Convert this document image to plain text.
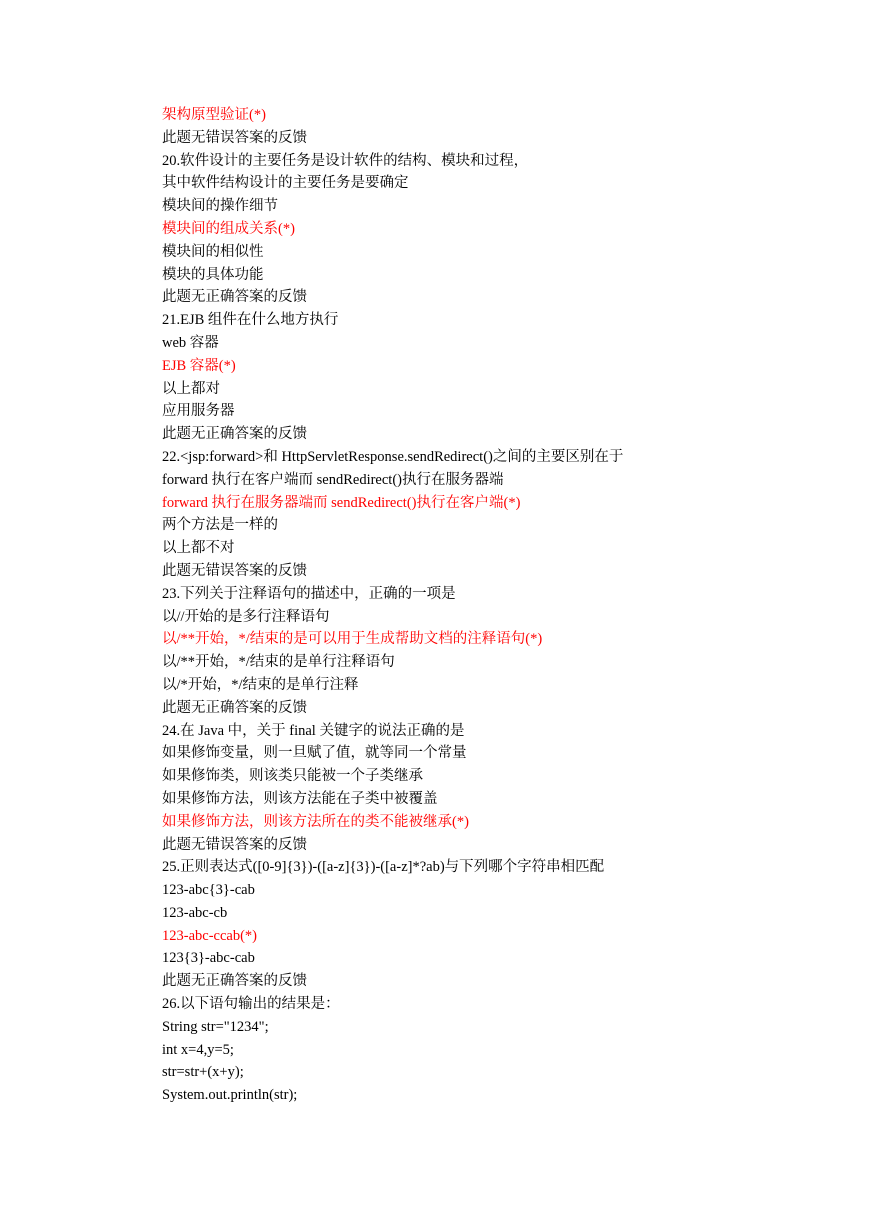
架构原型验证(*)
此题无错误答案的反馈
20.软件设计的主要任务是设计软件的结构、模块和过程，
其中软件结构设计的主要任务是要确定
模块间的操作细节
模块间的组成关系(*)
模块间的相似性
模块的具体功能
此题无正确答案的反馈
21.EJB 组件在什么地方执行
web 容器
EJB 容器(*)
以上都对
应用服务器
此题无正确答案的反馈
22.<jsp:forward>和 HttpServletResponse.sendRedirect()之间的主要区别在于
forward 执行在客户端而 sendRedirect()执行在服务器端
forward 执行在服务器端而 sendRedirect()执行在客户端(*)
两个方法是一样的
以上都不对
此题无错误答案的反馈
23.下列关于注释语句的描述中，正确的一项是
以//开始的是多行注释语句
以/**开始，*/结束的是可以用于生成帮助文档的注释语句(*)
以/**开始，*/结束的是单行注释语句
以/*开始，*/结束的是单行注释
此题无正确答案的反馈
24.在 Java 中，关于 final 关键字的说法正确的是
如果修饰变量，则一旦赋了值，就等同一个常量
如果修饰类，则该类只能被一个子类继承
如果修饰方法，则该方法能在子类中被覆盖
如果修饰方法，则该方法所在的类不能被继承(*)
此题无错误答案的反馈
25.正则表达式([0-9]{3})-([a-z]{3})-([a-z]*?ab)与下列哪个字符串相匹配
123-abc{3}-cab
123-abc-cb
123-abc-ccab(*)
123{3}-abc-cab
此题无正确答案的反馈
26.以下语句输出的结果是：
String str="1234";
int x=4,y=5;
str=str+(x+y);
System.out.println(str);
